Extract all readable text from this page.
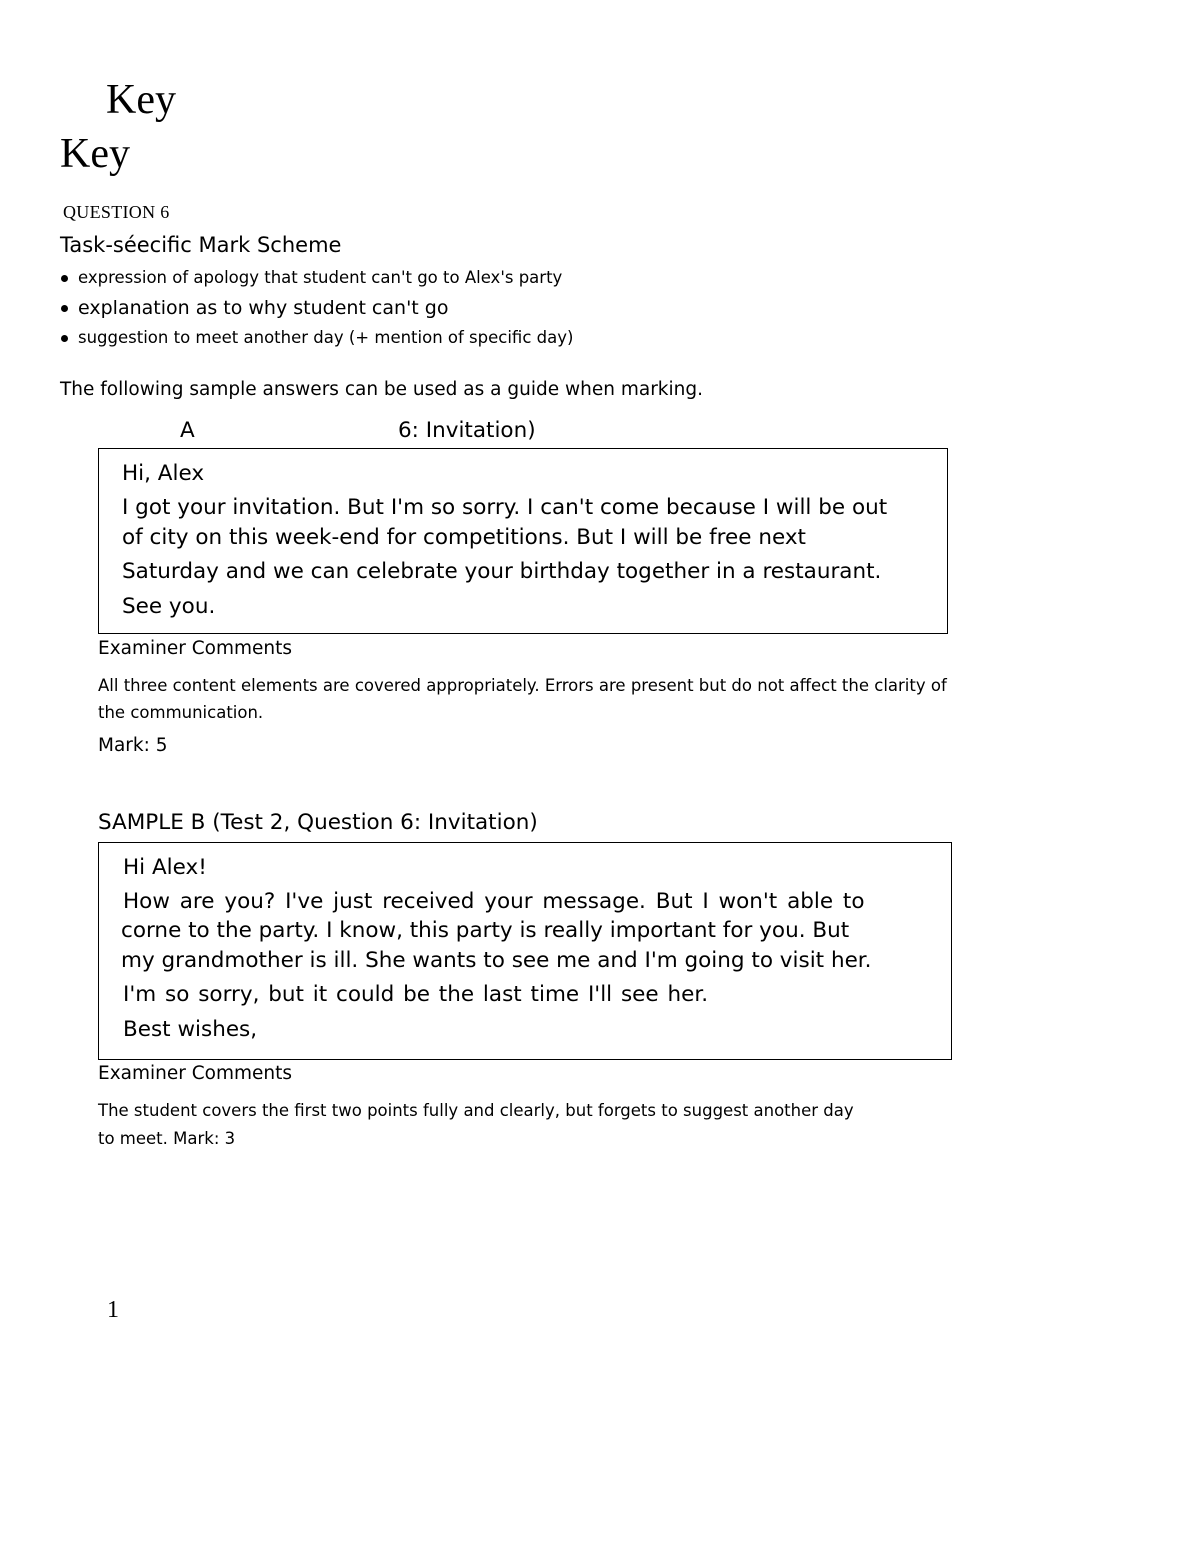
Key
Key
QUESTION 6
Task-séecific Mark Scheme
expression of apology that student can't go to Alex's party
explanation as to why student can't go
suggestion to meet another day (+ mention of specific day)
The following sample answers can be used as a guide when marking.
A	6: Invitation)
Hi, Alex
I got your invitation. But I'm so sorry. I can't come because I will be out
of city on this week-end for competitions. But I will be free next
Saturday and we can celebrate your birthday together in a restaurant.
See you.
Examiner Comments
All three content elements are covered appropriately. Errors are present but do not affect the clarity of the communication.
Mark: 5
SAMPLE B (Test 2, Question 6: Invitation)
Hi Alex!
How are you? I've just received your message. But I won't able to
corne to the party. I know, this party is really important for you. But
my grandmother is ill. She wants to see me and I'm going to visit her.
I'm so sorry, but it could be the last time I'll see her.
Best wishes,
Examiner Comments
The student covers the first two points fully and clearly, but forgets to suggest another day
to meet. Mark: 3
1
